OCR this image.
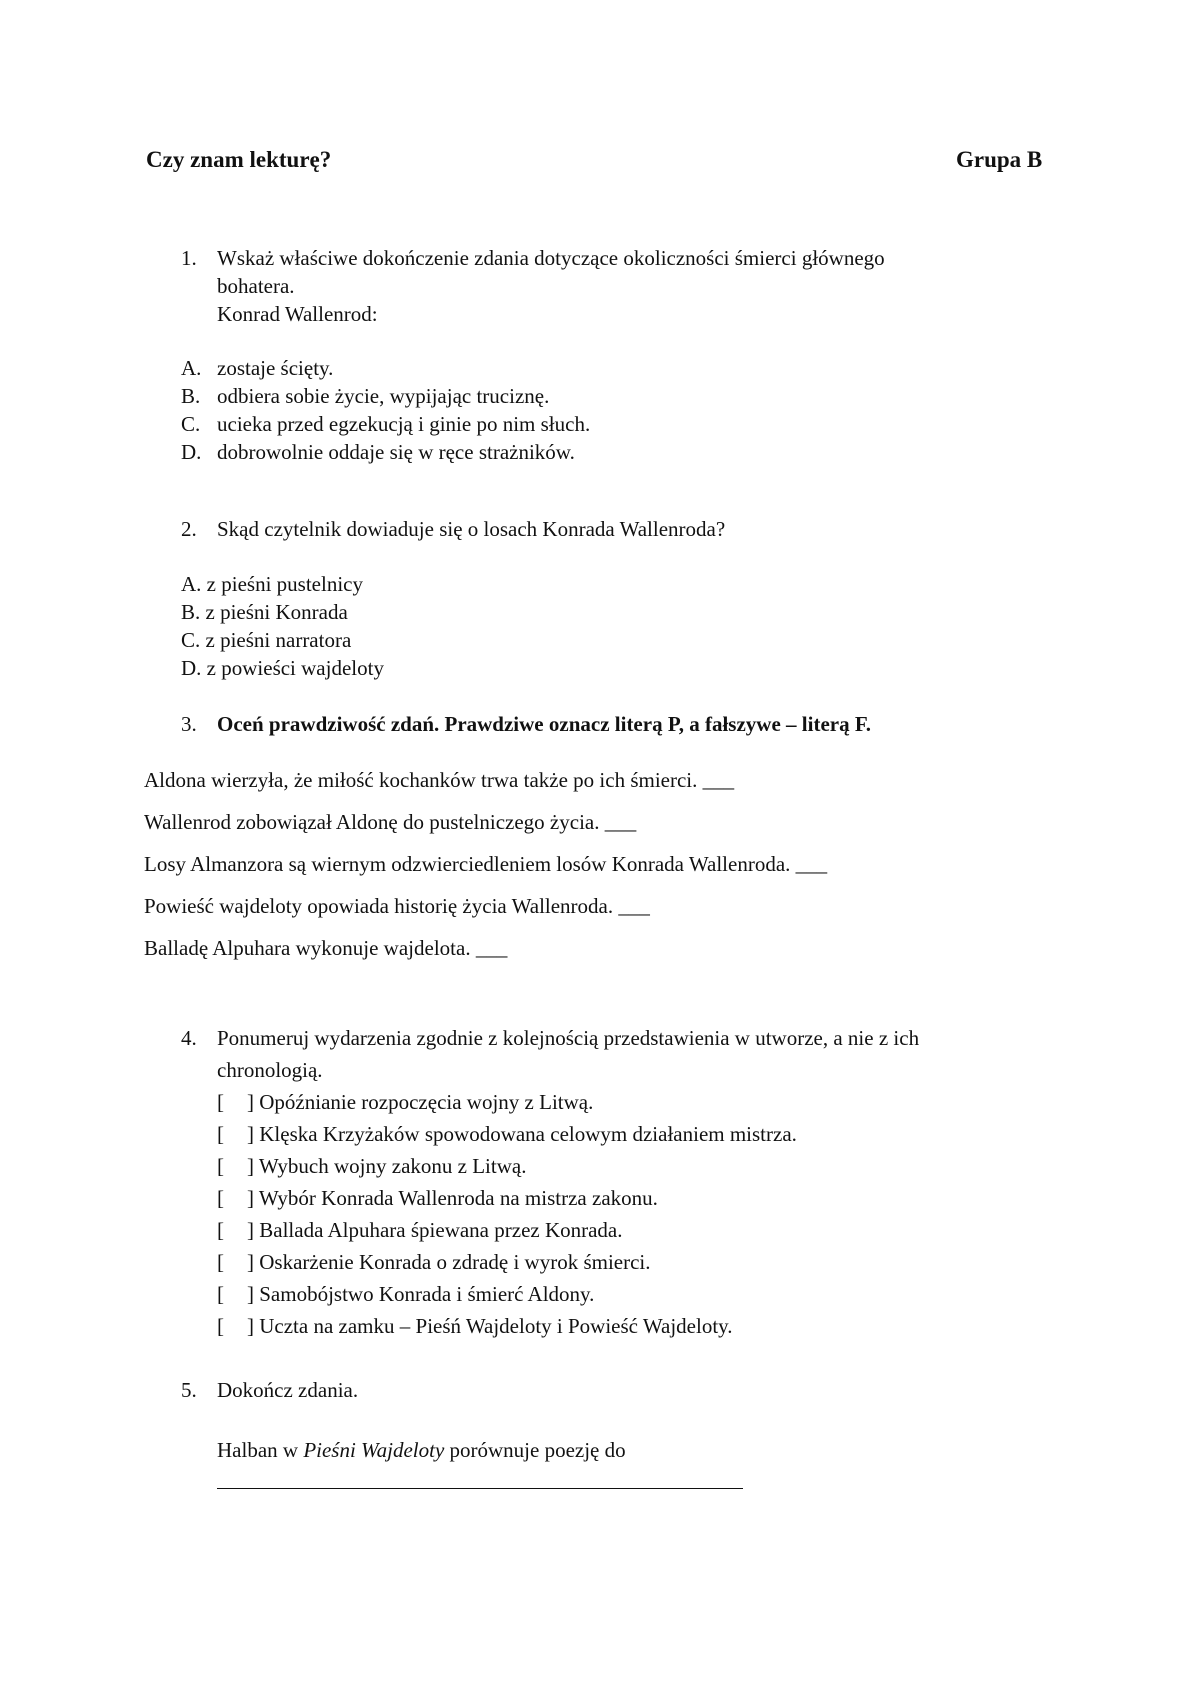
Czy znam lekturę?	Grupa B
1. Wskaż właściwe dokończenie zdania dotyczące okoliczności śmierci głównego
bohatera.
Konrad Wallenrod:
A. zostaje ścięty.
B. odbiera sobie życie, wypijając truciznę.
C. ucieka przed egzekucją i ginie po nim słuch.
D. dobrowolnie oddaje się w ręce strażników.
2. Skąd czytelnik dowiaduje się o losach Konrada Wallenroda?
A. z pieśni pustelnicy
B. z pieśni Konrada
C. z pieśni narratora
D. z powieści wajdeloty
3. Oceń prawdziwość zdań. Prawdziwe oznacz literą P, a fałszywe – literą F.
Aldona wierzyła, że miłość kochanków trwa także po ich śmierci. ___
Wallenrod zobowiązał Aldonę do pustelniczego życia. ___
Losy Almanzora są wiernym odzwierciedleniem losów Konrada Wallenroda. ___
Powieść wajdeloty opowiada historię życia Wallenroda. ___
Balladę Alpuhara wykonuje wajdelota. ___
4. Ponumeruj wydarzenia zgodnie z kolejnością przedstawienia w utworze, a nie z ich
chronologią.
[ ] Opóźnianie rozpoczęcia wojny z Litwą.
[ ] Klęska Krzyżaków spowodowana celowym działaniem mistrza.
[ ] Wybuch wojny zakonu z Litwą.
[ ] Wybór Konrada Wallenroda na mistrza zakonu.
[ ] Ballada Alpuhara śpiewana przez Konrada.
[ ] Oskarżenie Konrada o zdradę i wyrok śmierci.
[ ] Samobójstwo Konrada i śmierć Aldony.
[ ] Uczta na zamku – Pieśń Wajdeloty i Powieść Wajdeloty.
5. Dokończ zdania.
Halban w Pieśni Wajdeloty porównuje poezję do
